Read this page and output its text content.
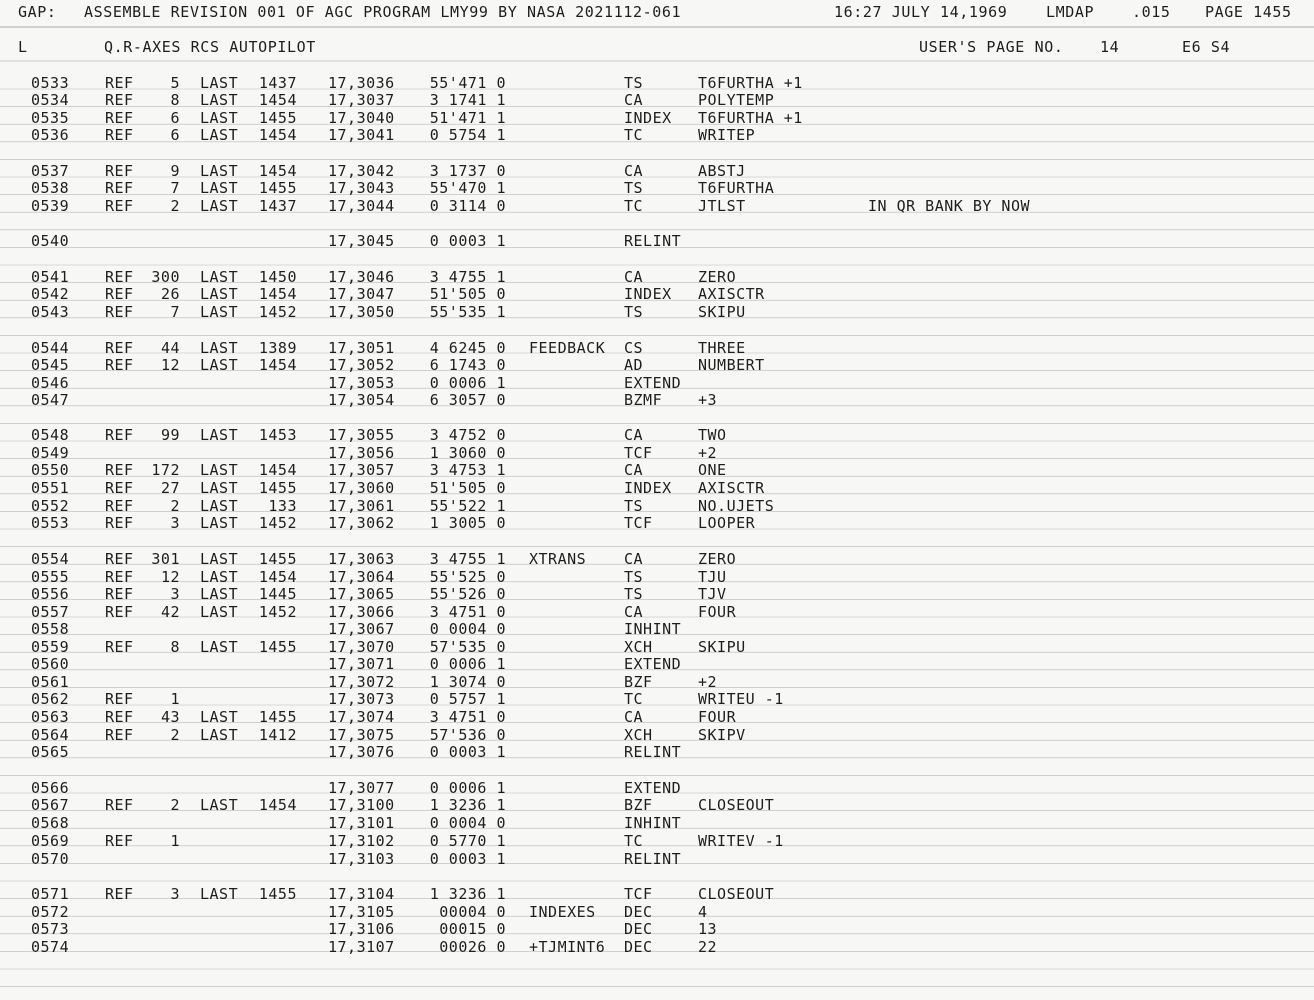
GAP: ASSEMBLE REVISION 001 OF AGC PROGRAM LMY99 BY NASA 2021112-061	16:27 JULY 14,1969	LMDAP	.015 PAGE 1455
L	Q.R-AXES RCS AUTOPILOT	USER'S PAGE NO. 14	E6 S4
0533 REF	5 LAST	1437 17,3036	55'471 0	TS	T6FURTHA +1
0534 REF	8 LAST	1454 17,3037	3 1741 1	CA	POLYTEMP
0535 REF	6 LAST	1455 17,3040	51'471 1	INDEX T6FURTHA +1
0536 REF	6 LAST	1454 17,3041	0 5754 1	TC	WRITEP
0537 REF	9 LAST	1454 17,3042	3 1737 0	CA	ABSTJ
0538 REF	7 LAST	1455 17,3043	55'470 1	TS	T6FURTHA
0539 REF	2 LAST	1437 17,3044	0 3114 0	TC	JTLST	IN QR BANK BY NOW
0540	17,3045	0 0003 1	RELINT
0541 REF	300 LAST	1450 17,3046	3 4755 1	CA	ZERO
0542 REF	26 LAST	1454 17,3047	51'505 0	INDEX AXISCTR
0543 REF	7 LAST	1452 17,3050	55'535 1	TS	SKIPU
0544 REF	44 LAST	1389 17,3051	4 6245 0 FEEDBACK CS	THREE
0545 REF	12 LAST	1454 17,3052	6 1743 0	AD	NUMBERT
0546	17,3053	0 0006 1	EXTEND
0547	17,3054	6 3057 0	BZMF +3
0548 REF	99 LAST	1453 17,3055	3 4752 0	CA	TWO
0549	17,3056	1 3060 0	TCF	+2
0550 REF	172 LAST	1454 17,3057	3 4753 1	CA	ONE
0551 REF	27 LAST	1455 17,3060	51'505 0	INDEX AXISCTR
0552 REF	2 LAST	133 17,3061	55'522 1	TS	NO.UJETS
0553 REF	3 LAST	1452 17,3062	1 3005 0	TCF	LOOPER
0554 REF	301 LAST	1455 17,3063	3 4755 1 XTRANS	CA	ZERO
0555 REF	12 LAST	1454 17,3064	55'525 0	TS	TJU
0556 REF	3 LAST	1445 17,3065	55'526 0	TS	TJV
0557 REF	42 LAST	1452 17,3066	3 4751 0	CA	FOUR
0558	17,3067	0 0004 0	INHINT
0559 REF	8 LAST	1455 17,3070	57'535 0	XCH	SKIPU
0560	17,3071	0 0006 1	EXTEND
0561	17,3072	1 3074 0	BZF	+2
0562 REF	1	17,3073	0 5757 1	TC	WRITEU -1
0563 REF	43 LAST	1455 17,3074	3 4751 0	CA	FOUR
0564 REF	2 LAST	1412 17,3075	57'536 0	XCH	SKIPV
0565	17,3076	0 0003 1	RELINT
0566	17,3077	0 0006 1	EXTEND
0567 REF	2 LAST	1454 17,3100	1 3236 1	BZF	CLOSEOUT
0568	17,3101	0 0004 0	INHINT
0569 REF	1	17,3102	0 5770 1	TC	WRITEV -1
0570	17,3103	0 0003 1	RELINT
0571 REF	3 LAST	1455 17,3104	1 3236 1	TCF	CLOSEOUT
0572	17,3105	00004 0 INDEXES DEC	4
0573	17,3106	00015 0	DEC	13
0574	17,3107	00026 0 +TJMINT6 DEC	22
